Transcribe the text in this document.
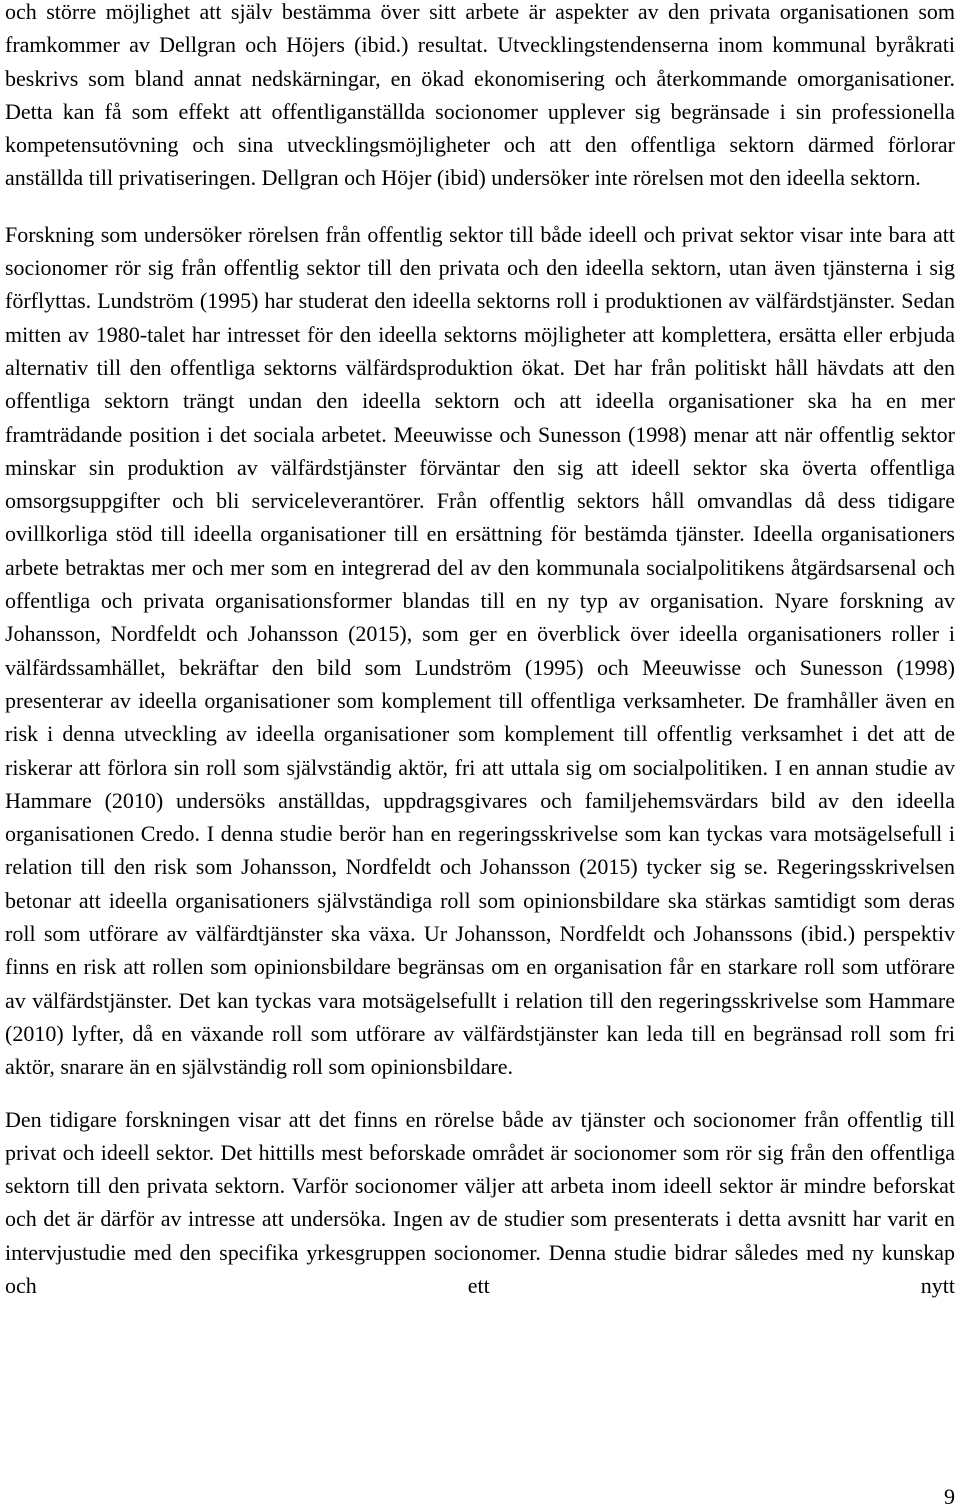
och större möjlighet att själv bestämma över sitt arbete är aspekter av den privata organisationen som framkommer av Dellgran och Höjers (ibid.) resultat. Utvecklingstendenserna inom kommunal byråkrati beskrivs som bland annat nedskärningar, en ökad ekonomisering och återkommande omorganisationer. Detta kan få som effekt att offentliganställda socionomer upplever sig begränsade i sin professionella kompetensutövning och sina utvecklingsmöjligheter och att den offentliga sektorn därmed förlorar anställda till privatiseringen. Dellgran och Höjer (ibid) undersöker inte rörelsen mot den ideella sektorn.

Forskning som undersöker rörelsen från offentlig sektor till både ideell och privat sektor visar inte bara att socionomer rör sig från offentlig sektor till den privata och den ideella sektorn, utan även tjänsterna i sig förflyttas. Lundström (1995) har studerat den ideella sektorns roll i produktionen av välfärdstjänster. Sedan mitten av 1980-talet har intresset för den ideella sektorns möjligheter att komplettera, ersätta eller erbjuda alternativ till den offentliga sektorns välfärdsproduktion ökat. Det har från politiskt håll hävdats att den offentliga sektorn trängt undan den ideella sektorn och att ideella organisationer ska ha en mer framträdande position i det sociala arbetet. Meeuwisse och Sunesson (1998) menar att när offentlig sektor minskar sin produktion av välfärdstjänster förväntar den sig att ideell sektor ska överta offentliga omsorgsuppgifter och bli serviceleverantörer. Från offentlig sektors håll omvandlas då dess tidigare ovillkorliga stöd till ideella organisationer till en ersättning för bestämda tjänster. Ideella organisationers arbete betraktas mer och mer som en integrerad del av den kommunala socialpolitikens åtgärdsarsenal och offentliga och privata organisationsformer blandas till en ny typ av organisation. Nyare forskning av Johansson, Nordfeldt och Johansson (2015), som ger en överblick över ideella organisationers roller i välfärdssamhället, bekräftar den bild som Lundström (1995) och Meeuwisse och Sunesson (1998) presenterar av ideella organisationer som komplement till offentliga verksamheter. De framhåller även en risk i denna utveckling av ideella organisationer som komplement till offentlig verksamhet i det att de riskerar att förlora sin roll som självständig aktör, fri att uttala sig om socialpolitiken. I en annan studie av Hammare (2010) undersöks anställdas, uppdragsgivares och familjehemsvärdars bild av den ideella organisationen Credo. I denna studie berör han en regeringsskrivelse som kan tyckas vara motsägelsefull i relation till den risk som Johansson, Nordfeldt och Johansson (2015) tycker sig se. Regeringsskrivelsen betonar att ideella organisationers självständiga roll som opinionsbildare ska stärkas samtidigt som deras roll som utförare av välfärdtjänster ska växa. Ur Johansson, Nordfeldt och Johanssons (ibid.) perspektiv finns en risk att rollen som opinionsbildare begränsas om en organisation får en starkare roll som utförare av välfärdstjänster. Det kan tyckas vara motsägelsefullt i relation till den regeringsskrivelse som Hammare (2010) lyfter, då en växande roll som utförare av välfärdstjänster kan leda till en begränsad roll som fri aktör, snarare än en självständig roll som opinionsbildare.

Den tidigare forskningen visar att det finns en rörelse både av tjänster och socionomer från offentlig till privat och ideell sektor. Det hittills mest beforskade området är socionomer som rör sig från den offentliga sektorn till den privata sektorn. Varför socionomer väljer att arbeta inom ideell sektor är mindre beforskat och det är därför av intresse att undersöka. Ingen av de studier som presenterats i detta avsnitt har varit en intervjustudie med den specifika yrkesgruppen socionomer. Denna studie bidrar således med ny kunskap och ett nytt

9
